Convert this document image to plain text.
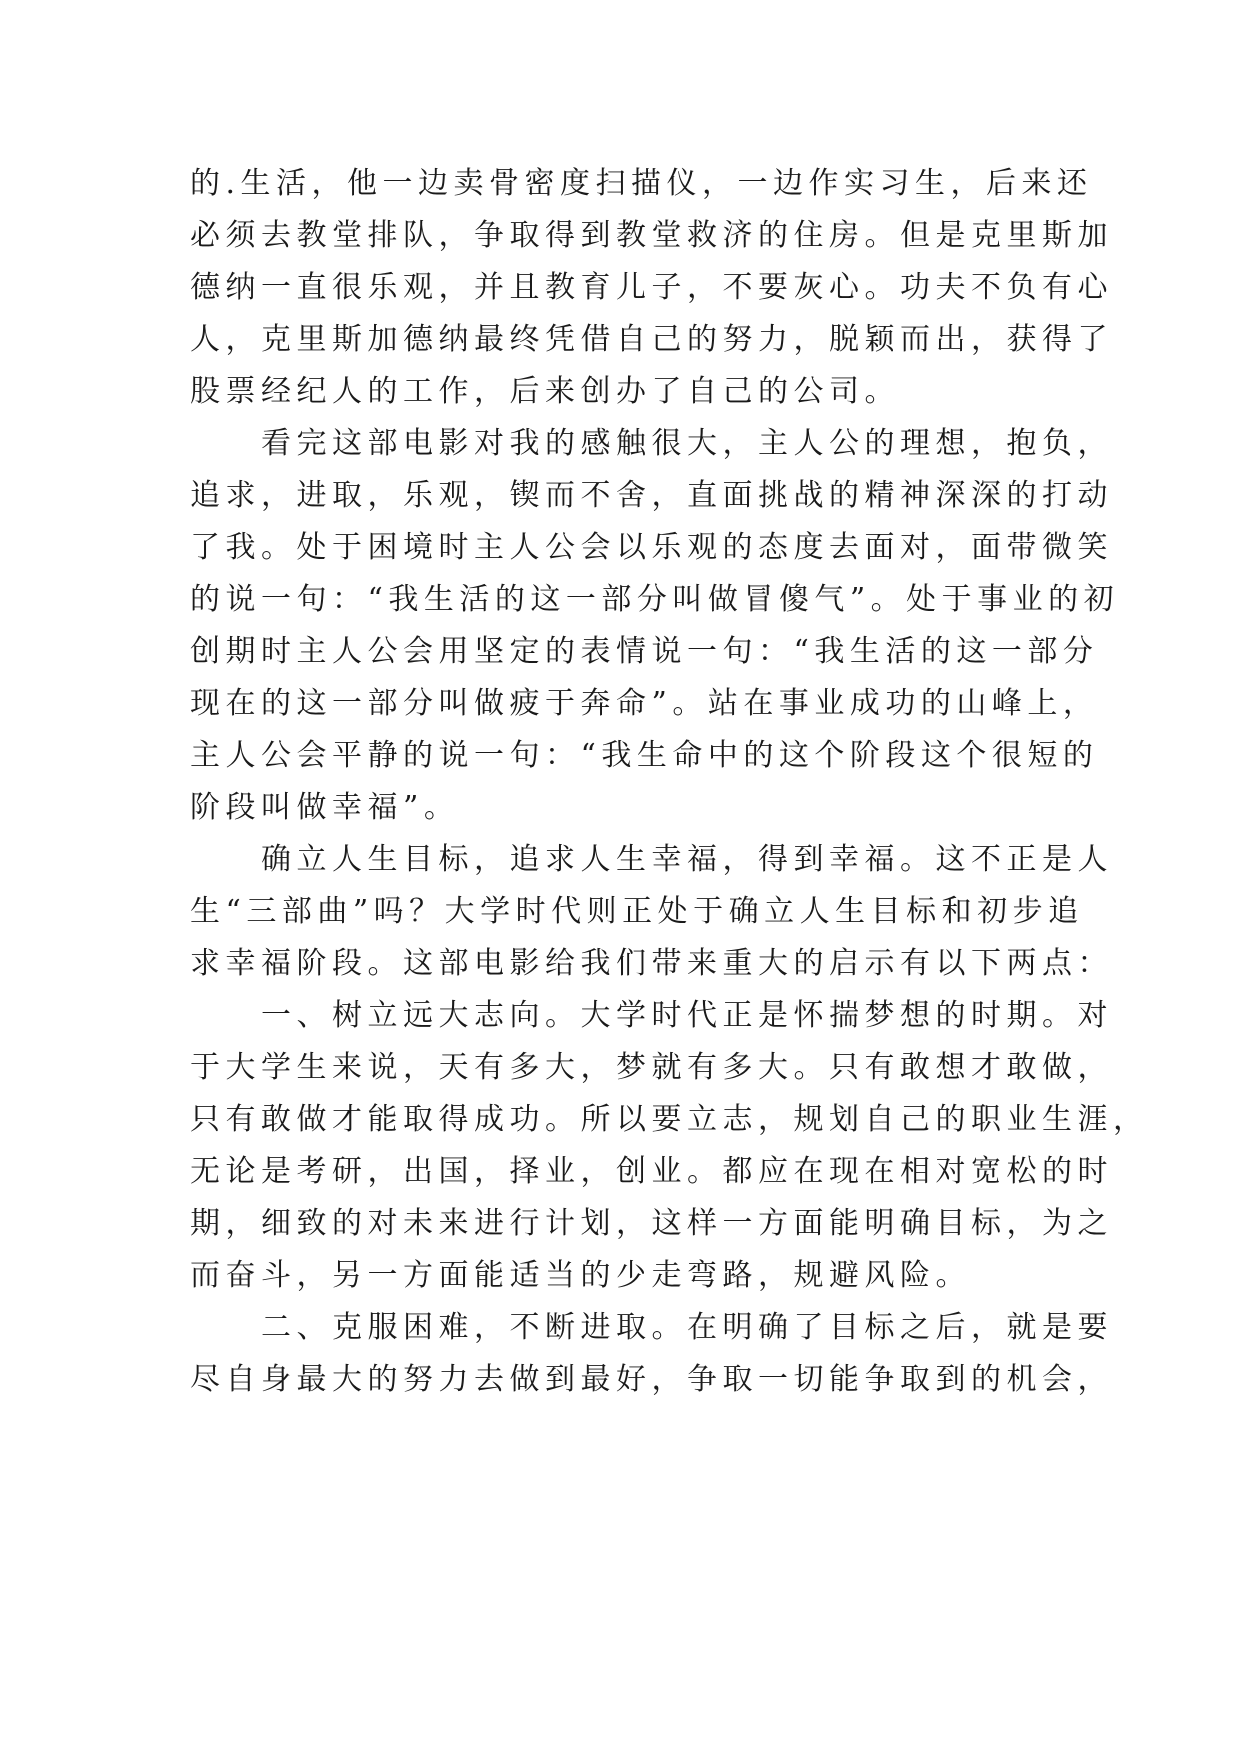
的.生活，他一边卖骨密度扫描仪，一边作实习生，后来还
必须去教堂排队，争取得到教堂救济的住房。但是克里斯加
德纳一直很乐观，并且教育儿子，不要灰心。功夫不负有心
人，克里斯加德纳最终凭借自己的努力，脱颖而出，获得了
股票经纪人的工作，后来创办了自己的公司。
　　看完这部电影对我的感触很大，主人公的理想，抱负，
追求，进取，乐观，锲而不舍，直面挑战的精神深深的打动
了我。处于困境时主人公会以乐观的态度去面对，面带微笑
的说一句：“我生活的这一部分叫做冒傻气”。处于事业的初
创期时主人公会用坚定的表情说一句：“我生活的这一部分
现在的这一部分叫做疲于奔命”。站在事业成功的山峰上，
主人公会平静的说一句：“我生命中的这个阶段这个很短的
阶段叫做幸福”。
　　确立人生目标，追求人生幸福，得到幸福。这不正是人
生“三部曲”吗？大学时代则正处于确立人生目标和初步追
求幸福阶段。这部电影给我们带来重大的启示有以下两点：
　　一、树立远大志向。大学时代正是怀揣梦想的时期。对
于大学生来说，天有多大，梦就有多大。只有敢想才敢做，
只有敢做才能取得成功。所以要立志，规划自己的职业生涯，
无论是考研，出国，择业，创业。都应在现在相对宽松的时
期，细致的对未来进行计划，这样一方面能明确目标，为之
而奋斗，另一方面能适当的少走弯路，规避风险。
　　二、克服困难，不断进取。在明确了目标之后，就是要
尽自身最大的努力去做到最好，争取一切能争取到的机会，
